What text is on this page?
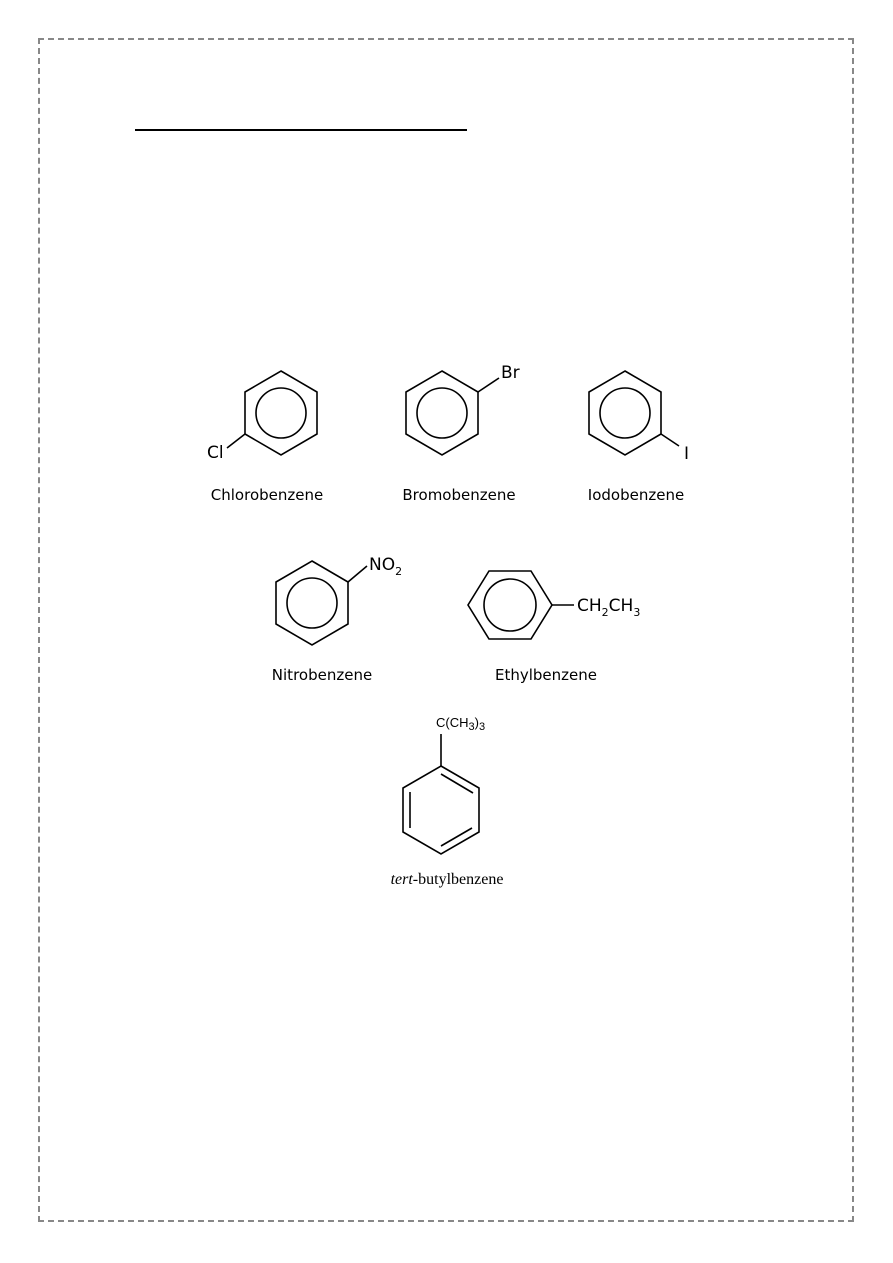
Cl
Chlorobenzene
Br
Bromobenzene
I
Iodobenzene
$NO_2$
Nitrobenzene
$CH_2CH_3$
Ethylbenzene
$C(CH_3)_3$
tert-butylbenzene
